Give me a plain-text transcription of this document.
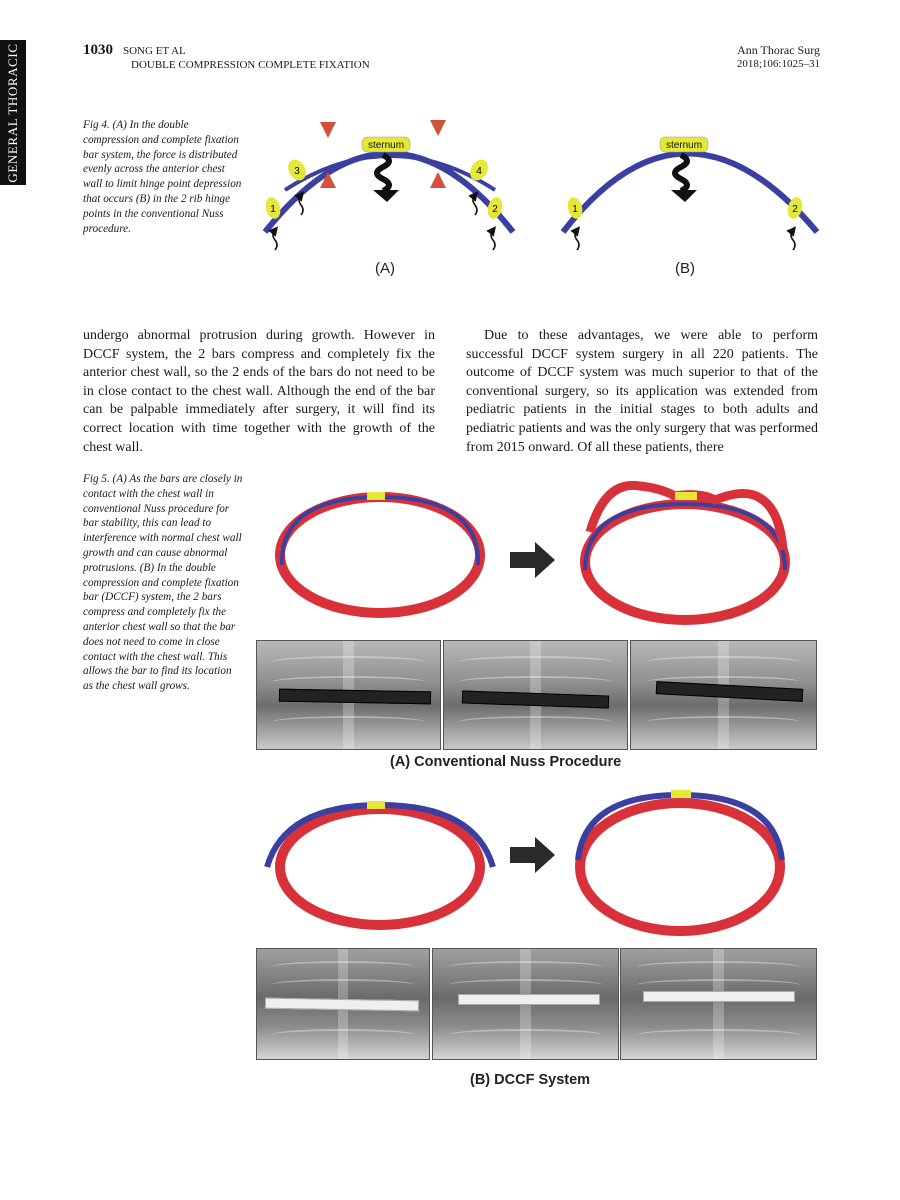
GENERAL THORACIC	1030 SONG ET AL
DOUBLE COMPRESSION COMPLETE FIXATION
Ann Thorac Surg
2018;106:1025–31
Fig 4. (A) In the double compression and complete fixation bar system, the force is distributed evenly across the anterior chest wall to limit hinge point depression that occurs (B) in the 2 rib hinge points in the conventional Nuss procedure.
sternum
3	4
1	2
(A)
sternum
1	2
(B)

undergo abnormal protrusion during growth. However in DCCF system, the 2 bars compress and completely fix the anterior chest wall, so the 2 ends of the bars do not need to be in close contact to the chest wall. Although the end of the bar can be palpable immediately after surgery, it will find its correct location with time together with the growth of the chest wall.

Due to these advantages, we were able to perform successful DCCF system surgery in all 220 patients. The outcome of DCCF system was much superior to that of the conventional surgery, so its application was extended from pediatric patients in the initial stages to both adults and pediatric patients and was the only surgery that was performed from 2015 onward. Of all these patients, there

Fig 5. (A) As the bars are closely in contact with the chest wall in conventional Nuss procedure for bar stability, this can lead to interference with normal chest wall growth and can cause abnormal protrusions. (B) In the double compression and complete fixation bar (DCCF) system, the 2 bars compress and completely fix the anterior chest wall so that the bar does not need to come in close contact with the chest wall. This allows the bar to find its location as the chest wall grows.
(A) Conventional Nuss Procedure
(B) DCCF System
